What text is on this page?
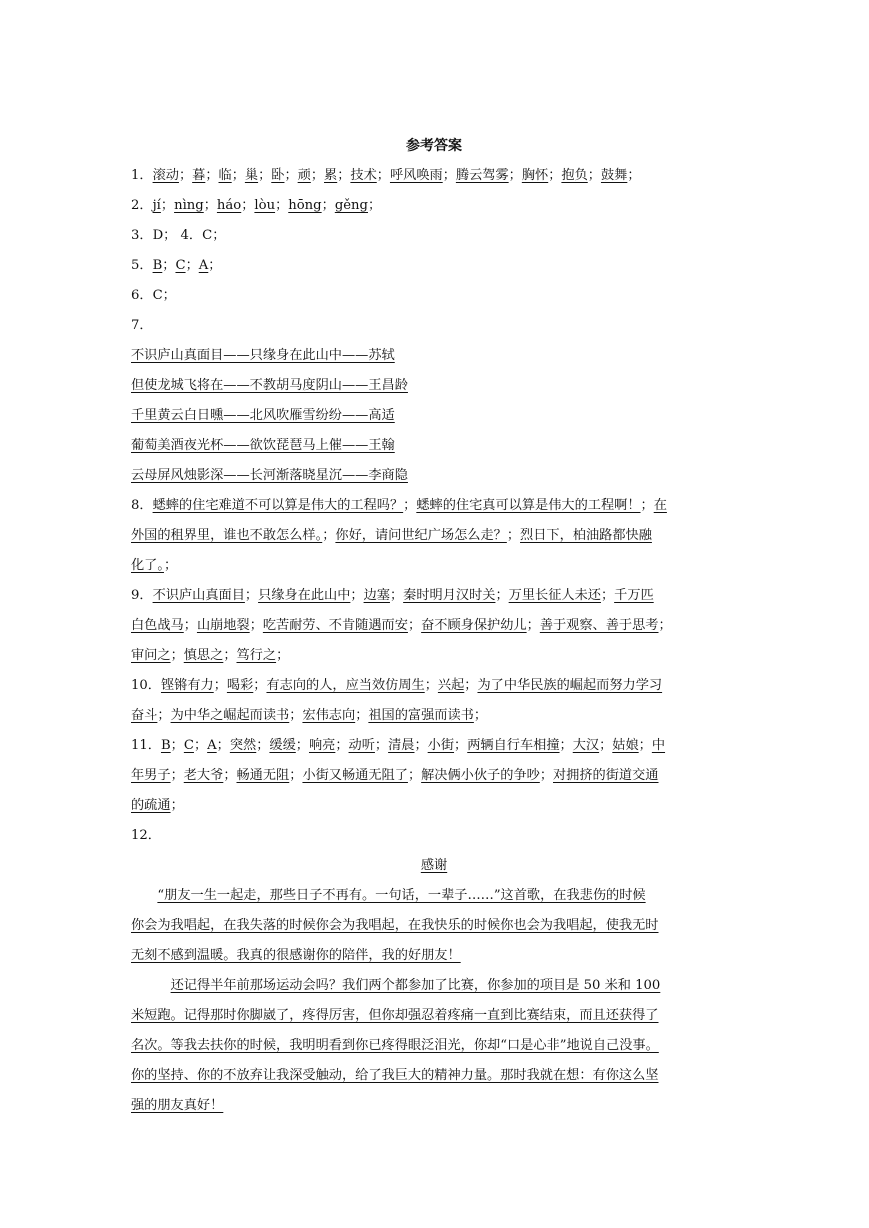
参考答案
1．滚动；暮；临；巢；卧；顽；累；技术；呼风唤雨；腾云驾雾；胸怀；抱负；鼓舞；
2．jí；nìng；háo；lòu；hōng；gěng；
3．D； 4．C；
5．B；C；A；
6．C；
7．
不识庐山真面目——只缘身在此山中——苏轼
但使龙城飞将在——不教胡马度阴山——王昌龄
千里黄云白日曛——北风吹雁雪纷纷——高适
葡萄美酒夜光杯——欲饮琵琶马上催——王翰
云母屏风烛影深——长河渐落晓星沉——李商隐
8．蟋蟀的住宅难道不可以算是伟大的工程吗？；蟋蟀的住宅真可以算是伟大的工程啊！；在
外国的租界里，谁也不敢怎么样。；你好，请问世纪广场怎么走？；烈日下，柏油路都快融
化了。；
9．不识庐山真面目；只缘身在此山中；边塞；秦时明月汉时关；万里长征人未还；千万匹
白色战马；山崩地裂；吃苦耐劳、不肯随遇而安；奋不顾身保护幼儿；善于观察、善于思考；
审问之；慎思之；笃行之；
10．铿锵有力；喝彩；有志向的人，应当效仿周生；兴起；为了中华民族的崛起而努力学习
奋斗；为中华之崛起而读书；宏伟志向；祖国的富强而读书；
11．B；C；A；突然；缓缓；响亮；动听；清晨；小街；两辆自行车相撞；大汉；姑娘；中
年男子；老大爷；畅通无阻；小街又畅通无阻了；解决俩小伙子的争吵；对拥挤的街道交通
的疏通；
12．
感谢
“朋友一生一起走，那些日子不再有。一句话，一辈子……”这首歌，在我悲伤的时候
你会为我唱起，在我失落的时候你会为我唱起，在我快乐的时候你也会为我唱起，使我无时
无刻不感到温暖。我真的很感谢你的陪伴，我的好朋友！
还记得半年前那场运动会吗？我们两个都参加了比赛，你参加的项目是 50 米和 100
米短跑。记得那时你脚崴了，疼得厉害，但你却强忍着疼痛一直到比赛结束，而且还获得了
名次。等我去扶你的时候，我明明看到你已疼得眼泛泪光，你却“口是心非”地说自己没事。
你的坚持、你的不放弃让我深受触动，给了我巨大的精神力量。那时我就在想：有你这么坚
强的朋友真好！
